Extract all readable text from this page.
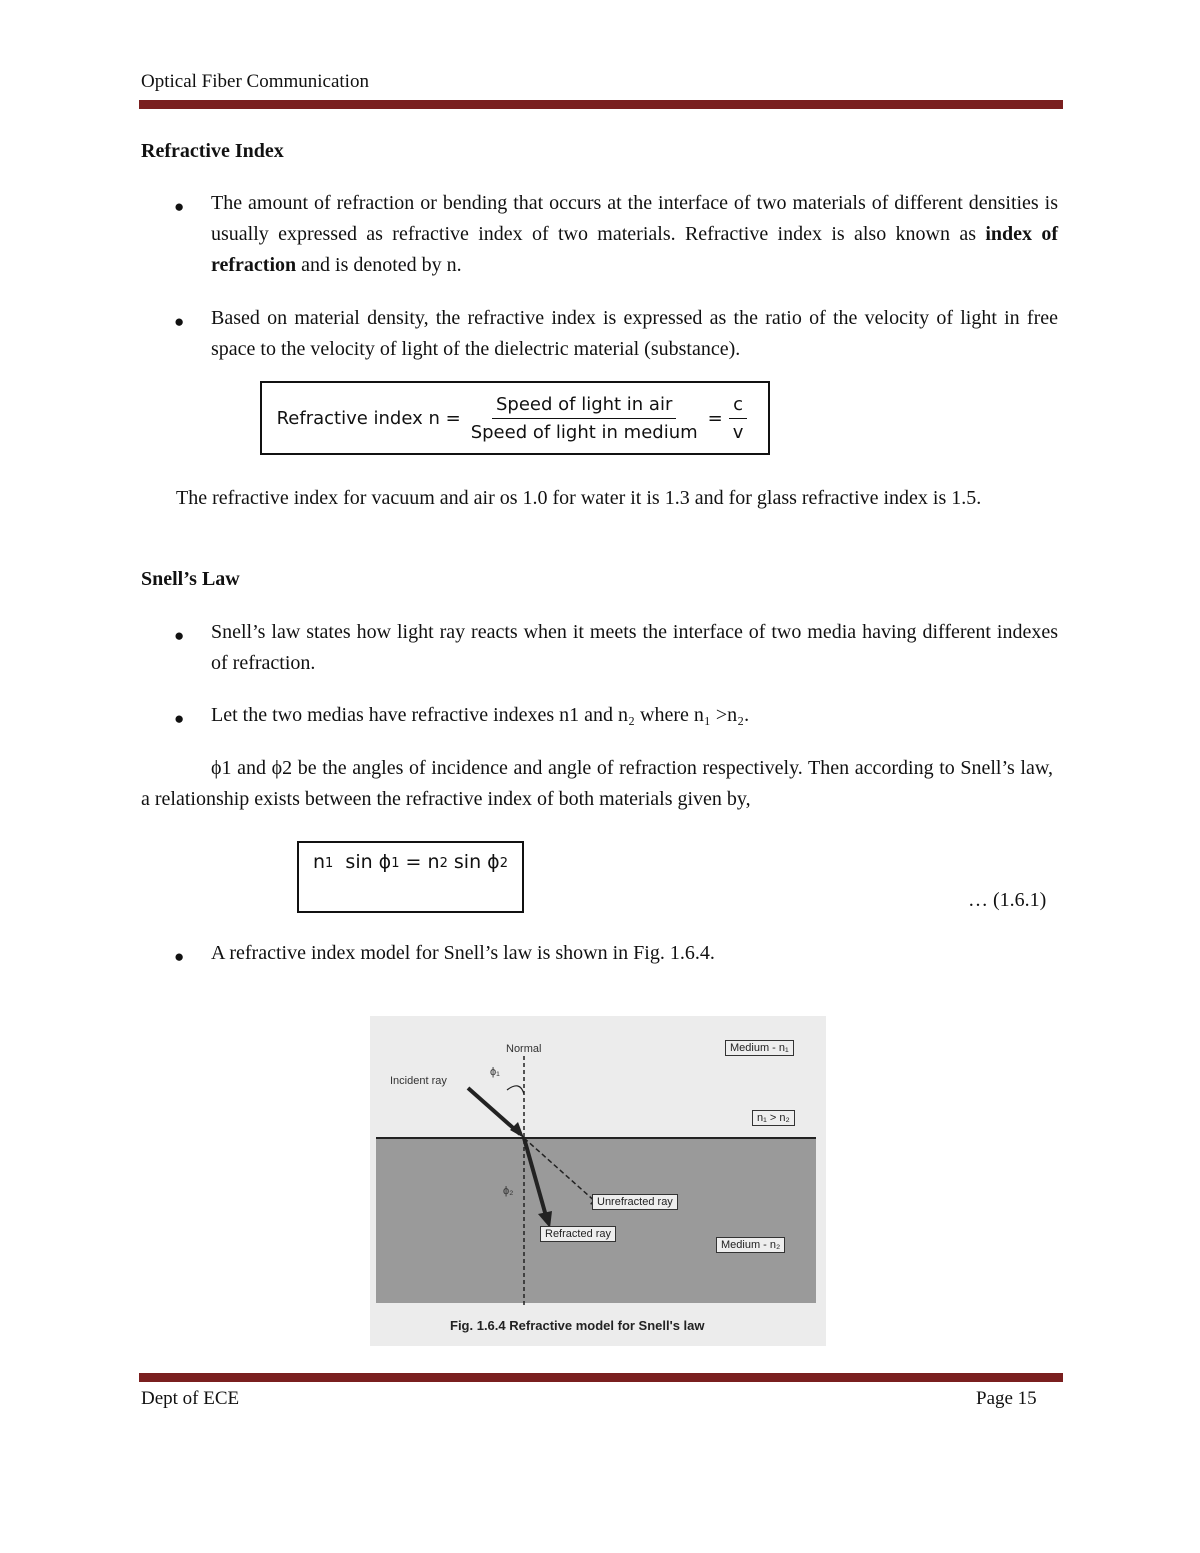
Optical Fiber Communication
Refractive Index
● The amount of refraction or bending that occurs at the interface of two materials of different densities is usually expressed as refractive index of two materials. Refractive index is also known as index of refraction and is denoted by n.
● Based on material density, the refractive index is expressed as the ratio of the velocity of light in free space to the velocity of light of the dielectric material (substance).
Refractive index $n = \frac{\text{Speed of light in air}}{\text{Speed of light in medium}} = \frac{c}{v}$
The refractive index for vacuum and air os 1.0 for water it is 1.3 and for glass refractive index is 1.5.
Snell’s Law
● Snell’s law states how light ray reacts when it meets the interface of two media having different indexes of refraction.
● Let the two medias have refractive indexes n1 and n₂ where n₁ >n₂.
ϕ1 and ϕ2 be the angles of incidence and angle of refraction respectively. Then according to Snell’s law, a relationship exists between the refractive index of both materials given by,
n 1
sin ϕ 1
=
n 2
sin ϕ 2
… (1.6.1)
● A refractive index model for Snell’s law is shown in Fig. 1.6.4.
Normal	Medium - n₁
Incident ray
ϕ₁
n₁ > n₂
ϕ₂
Unrefracted ray
Refracted ray
Medium - n₂
Fig. 1.6.4 Refractive model for Snell's law
Dept of ECE	Page 15
